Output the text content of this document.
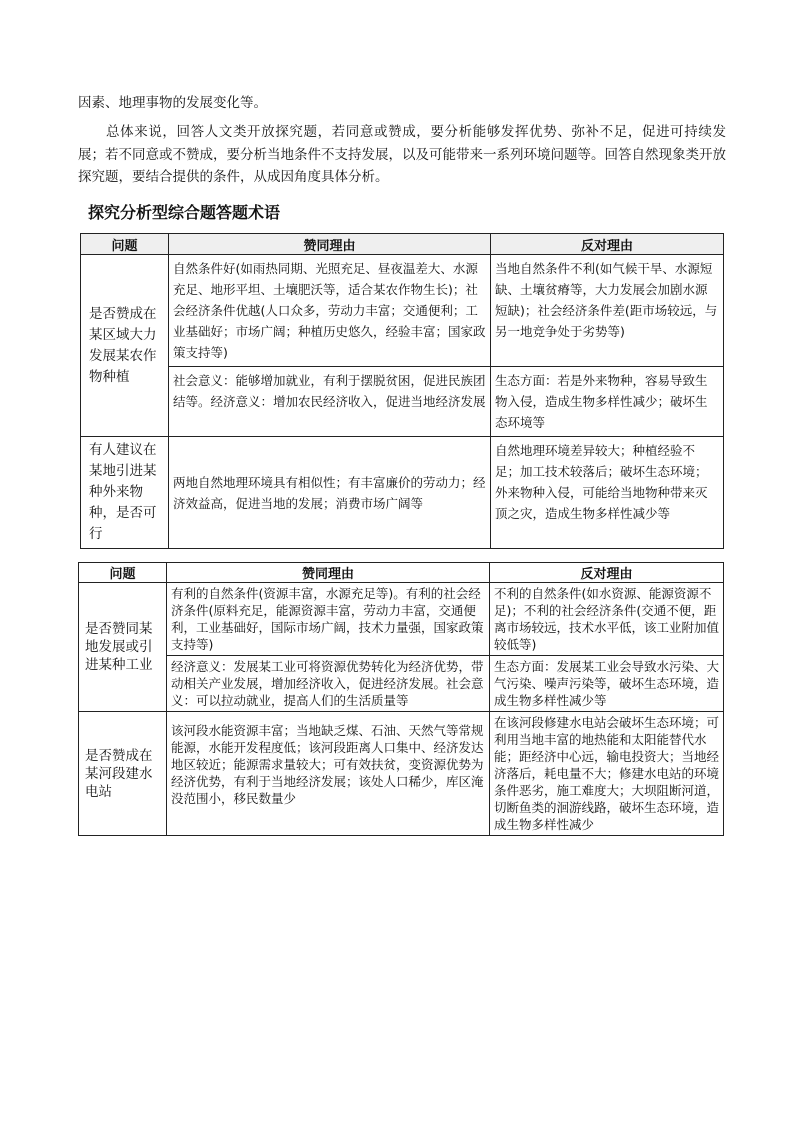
因素、地理事物的发展变化等。

总体来说，回答人文类开放探究题，若同意或赞成，要分析能够发挥优势、弥补不足，促进可持续发展；若不同意或不赞成，要分析当地条件不支持发展，以及可能带来一系列环境问题等。回答自然现象类开放探究题，要结合提供的条件，从成因角度具体分析。

探究分析型综合题答题术语
问题	赞同理由	反对理由
是否赞成在某区域大力发展某农作物种植	自然条件好(如雨热同期、光照充足、昼夜温差大、水源充足、地形平坦、土壤肥沃等，适合某农作物生长)；社会经济条件优越(人口众多，劳动力丰富；交通便利；工业基础好；市场广阔；种植历史悠久，经验丰富；国家政策支持等)	当地自然条件不利(如气候干旱、水源短缺、土壤贫瘠等，大力发展会加剧水源短缺)；社会经济条件差(距市场较远，与另一地竞争处于劣势等)
	社会意义：能够增加就业，有利于摆脱贫困，促进民族团结等。经济意义：增加农民经济收入，促进当地经济发展	生态方面：若是外来物种，容易导致生物入侵，造成生物多样性减少；破坏生态环境等
有人建议在某地引进某种外来物种，是否可行	两地自然地理环境具有相似性；有丰富廉价的劳动力；经济效益高，促进当地的发展；消费市场广阔等	自然地理环境差异较大；种植经验不足；加工技术较落后；破坏生态环境；外来物种入侵，可能给当地物种带来灭顶之灾，造成生物多样性减少等
问题	赞同理由	反对理由
是否赞同某地发展或引进某种工业	有利的自然条件(资源丰富，水源充足等)。有利的社会经济条件(原料充足，能源资源丰富，劳动力丰富，交通便利，工业基础好，国际市场广阔，技术力量强，国家政策支持等)	不利的自然条件(如水资源、能源资源不足)；不利的社会经济条件(交通不便，距离市场较远，技术水平低，该工业附加值较低等)
	经济意义：发展某工业可将资源优势转化为经济优势，带动相关产业发展，增加经济收入，促进经济发展。社会意义：可以拉动就业，提高人们的生活质量等	生态方面：发展某工业会导致水污染、大气污染、噪声污染等，破坏生态环境，造成生物多样性减少等
是否赞成在某河段建水电站	该河段水能资源丰富；当地缺乏煤、石油、天然气等常规能源，水能开发程度低；该河段距离人口集中、经济发达地区较近；能源需求量较大；可有效扶贫，变资源优势为经济优势，有利于当地经济发展；该处人口稀少，库区淹没范围小，移民数量少	在该河段修建水电站会破坏生态环境；可利用当地丰富的地热能和太阳能替代水能；距经济中心远，输电投资大；当地经济落后，耗电量不大；修建水电站的环境条件恶劣，施工难度大；大坝阻断河道，切断鱼类的洄游线路，破坏生态环境，造成生物多样性减少
